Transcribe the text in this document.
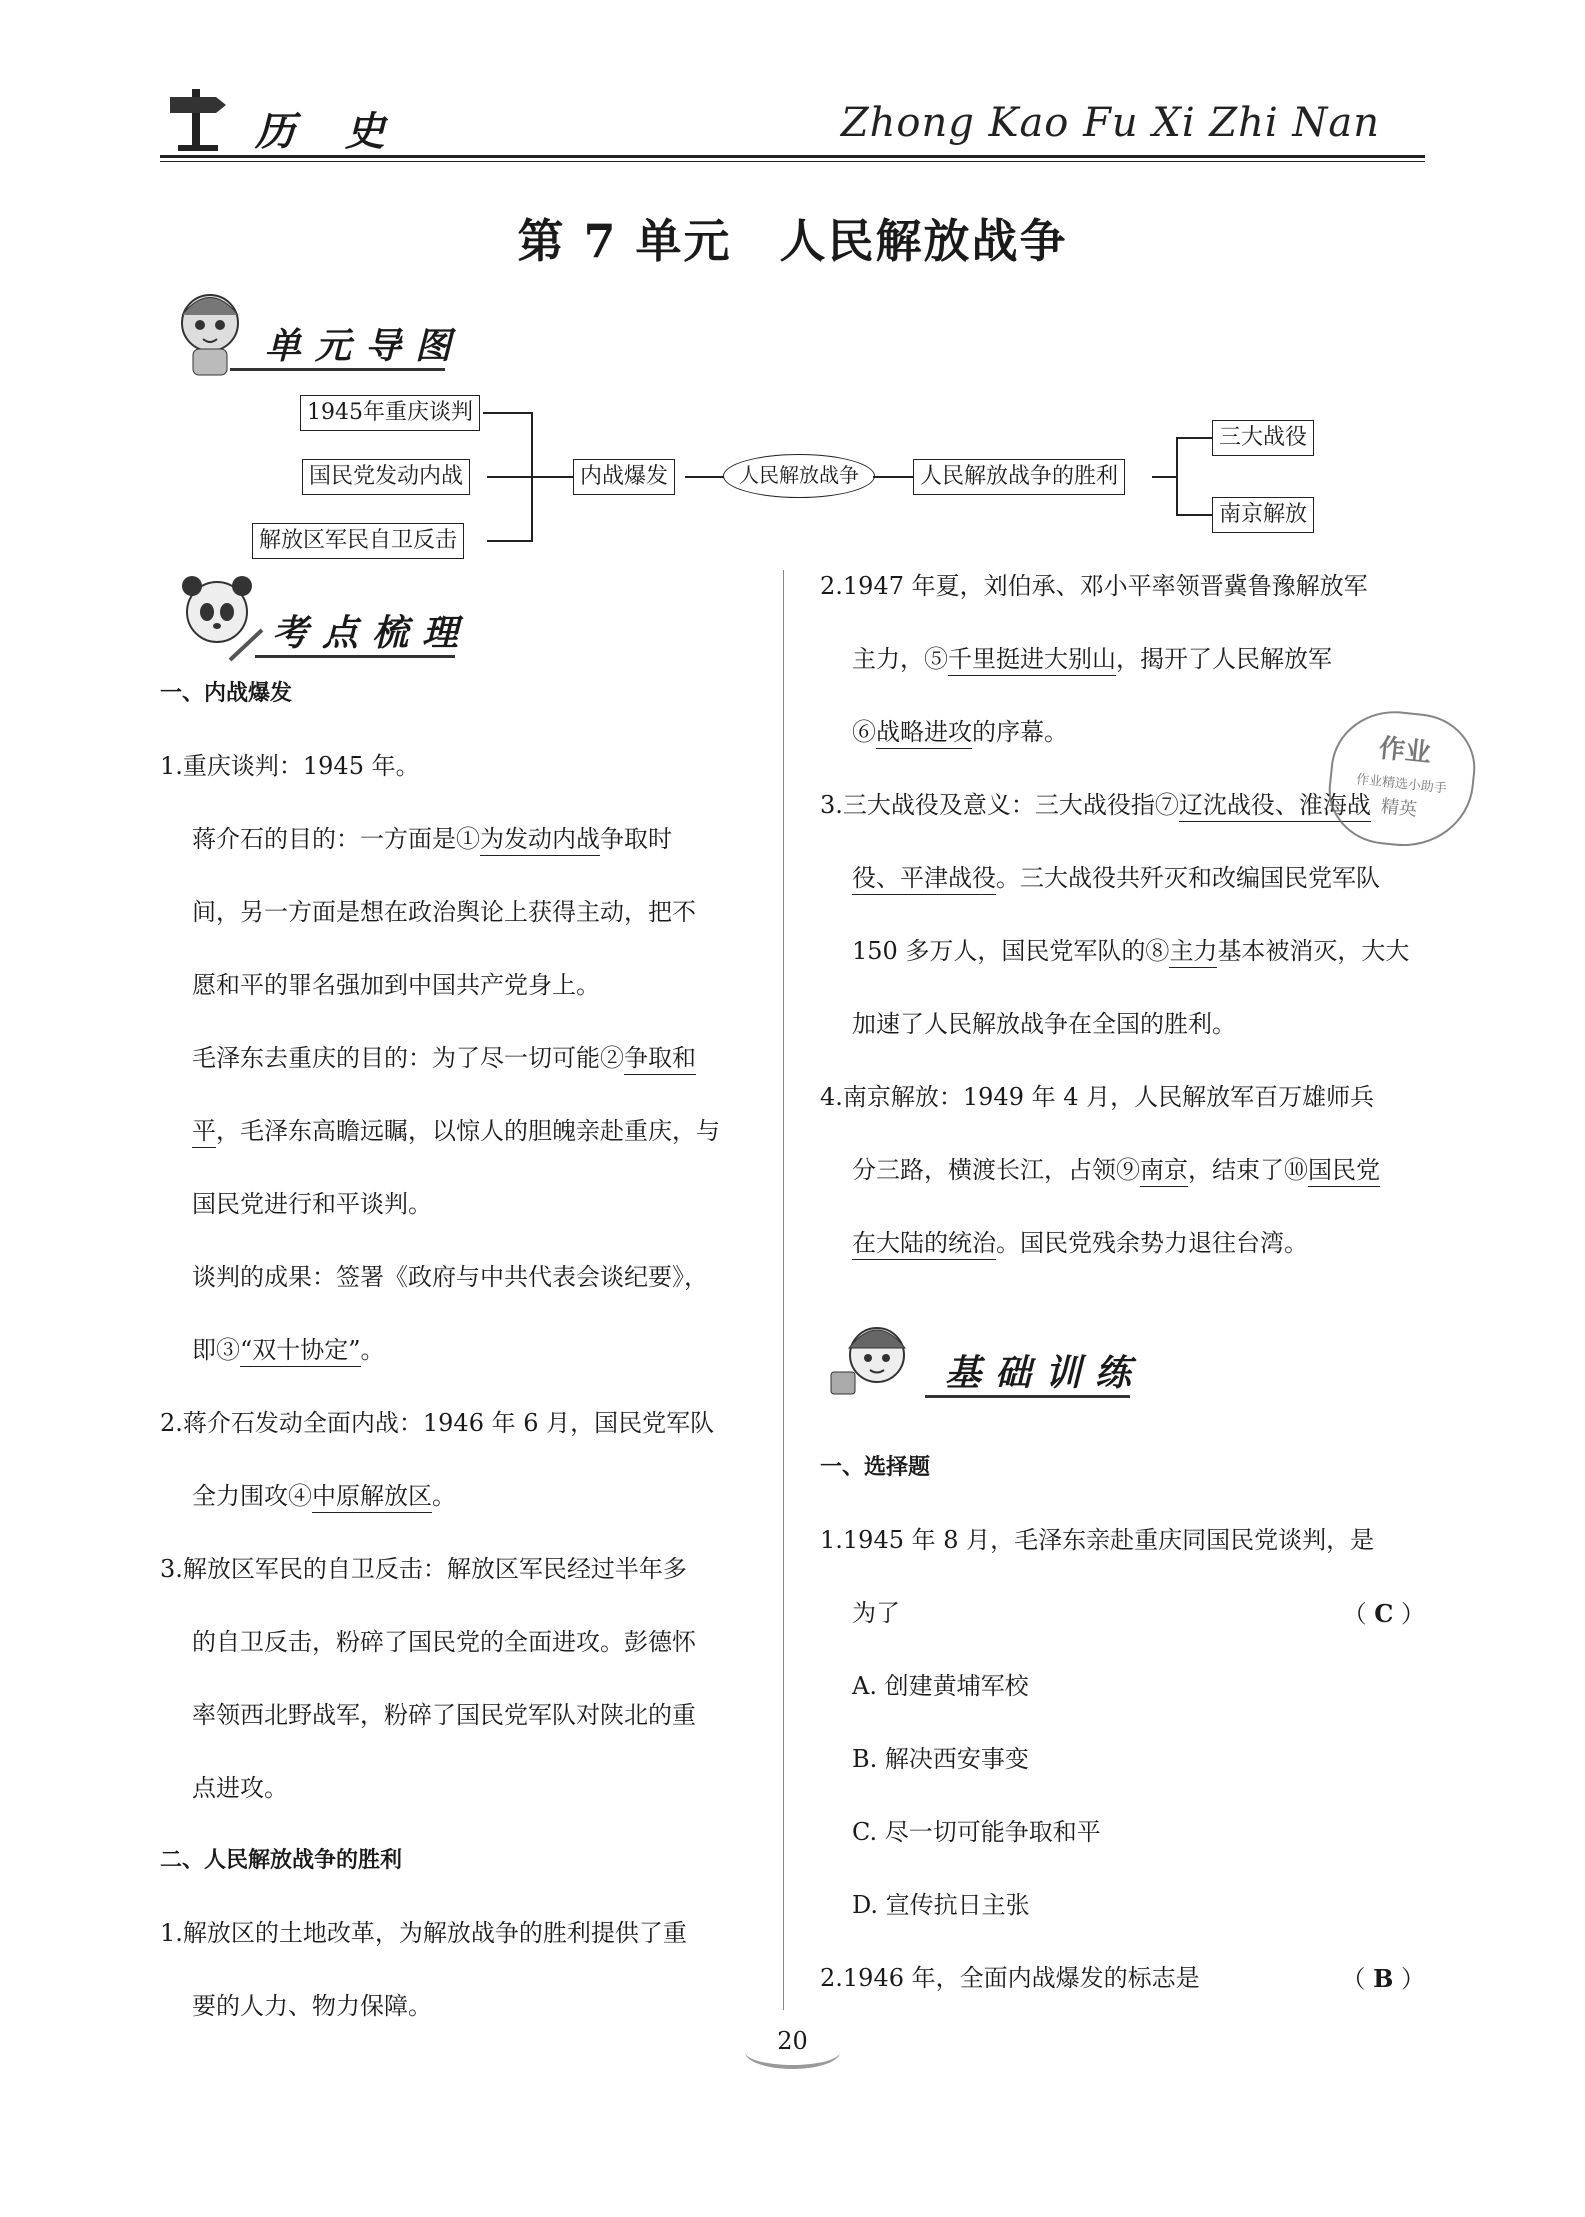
历 史	Zhong Kao Fu Xi Zhi Nan
第 7 单元　人民解放战争
单元导图
1945年重庆谈判
国民党发动内战
解放区军民自卫反击
内战爆发	人民解放战争	人民解放战争的胜利
三大战役
南京解放
考点梳理

一、内战爆发

1.重庆谈判：1945 年。

蒋介石的目的：一方面是①为发动内战争取时

间，另一方面是想在政治舆论上获得主动，把不

愿和平的罪名强加到中国共产党身上。

毛泽东去重庆的目的：为了尽一切可能②争取和

平，毛泽东高瞻远瞩，以惊人的胆魄亲赴重庆，与

国民党进行和平谈判。

谈判的成果：签署《政府与中共代表会谈纪要》，

即③“双十协定”。

2.蒋介石发动全面内战：1946 年 6 月，国民党军队

全力围攻④中原解放区。

3.解放区军民的自卫反击：解放区军民经过半年多

的自卫反击，粉碎了国民党的全面进攻。彭德怀

率领西北野战军，粉碎了国民党军队对陕北的重

点进攻。

二、人民解放战争的胜利

1.解放区的土地改革，为解放战争的胜利提供了重

要的人力、物力保障。

2.1947 年夏，刘伯承、邓小平率领晋冀鲁豫解放军

主力，⑤千里挺进大别山，揭开了人民解放军

⑥战略进攻的序幕。

3.三大战役及意义：三大战役指⑦辽沈战役、淮海战

役、平津战役。三大战役共歼灭和改编国民党军队

150 多万人，国民党军队的⑧主力基本被消灭，大大

加速了人民解放战争在全国的胜利。

4.南京解放：1949 年 4 月，人民解放军百万雄师兵

分三路，横渡长江，占领⑨南京，结束了⑩国民党

在大陆的统治。国民党残余势力退往台湾。

基础训练

一、选择题

1.1945 年 8 月，毛泽东亲赴重庆同国民党谈判，是

为了	（ C ）

A. 创建黄埔军校

B. 解决西安事变

C. 尽一切可能争取和平

D. 宣传抗日主张

2.1946 年，全面内战爆发的标志是	（ B ）

作业
作业精选小助手
精英
20
